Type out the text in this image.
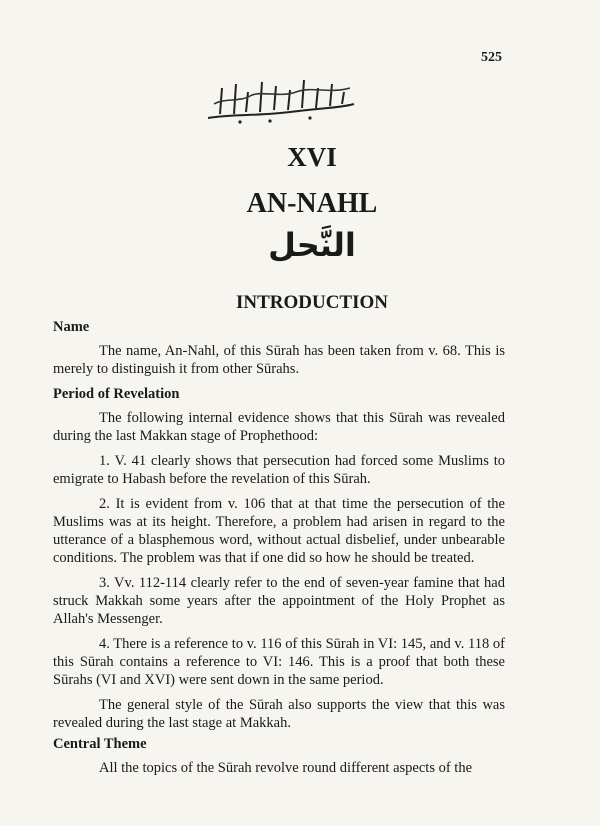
525
XVI
AN-NAHL
النَّحل
INTRODUCTION
Name

The name, An-Nahl, of this Sūrah has been taken from v. 68. This is merely to distinguish it from other Sūrahs.

Period of Revelation

The following internal evidence shows that this Sūrah was revealed during the last Makkan stage of Prophethood:

1. V. 41 clearly shows that persecution had forced some Muslims to emigrate to Habash before the revelation of this Sūrah.

2. It is evident from v. 106 that at that time the persecution of the Muslims was at its height. Therefore, a problem had arisen in regard to the utterance of a blasphemous word, without actual disbelief, under unbearable conditions. The problem was that if one did so how he should be treated.

3. Vv. 112-114 clearly refer to the end of seven-year famine that had struck Makkah some years after the appointment of the Holy Prophet as Allah's Messenger.

4. There is a reference to v. 116 of this Sūrah in VI: 145, and v. 118 of this Sūrah contains a reference to VI: 146. This is a proof that both these Sūrahs (VI and XVI) were sent down in the same period.

The general style of the Sūrah also supports the view that this was revealed during the last stage at Makkah.

Central Theme

All the topics of the Sūrah revolve round different aspects of the
